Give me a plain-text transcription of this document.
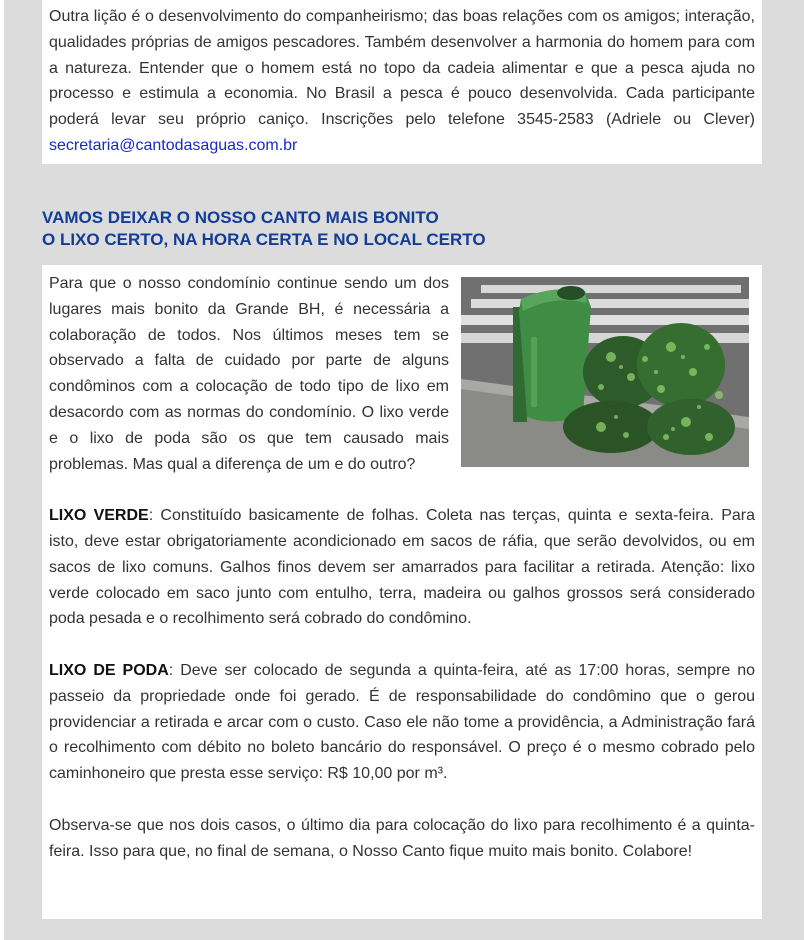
Outra lição é o desenvolvimento do companheirismo; das boas relações com os amigos; interação, qualidades próprias de amigos pescadores. Também desenvolver a harmonia do homem para com a natureza. Entender que o homem está no topo da cadeia alimentar e que a pesca ajuda no processo e estimula a economia. No Brasil a pesca é pouco desenvolvida. Cada participante poderá levar seu próprio caniço. Inscrições pelo telefone 3545-2583 (Adriele ou Clever) secretaria@cantodasaguas.com.br

VAMOS DEIXAR O NOSSO CANTO MAIS BONITO
O LIXO CERTO, NA HORA CERTA E NO LOCAL CERTO

Para que o nosso condomínio continue sendo um dos lugares mais bonito da Grande BH, é necessária a colaboração de todos. Nos últimos meses tem se observado a falta de cuidado por parte de alguns condôminos com a colocação de todo tipo de lixo em desacordo com as normas do condomínio. O lixo verde e o lixo de poda são os que tem causado mais problemas. Mas qual a diferença de um e do outro?

LIXO VERDE: Constituído basicamente de folhas. Coleta nas terças, quinta e sexta-feira. Para isto, deve estar obrigatoriamente acondicionado em sacos de ráfia, que serão devolvidos, ou em sacos de lixo comuns. Galhos finos devem ser amarrados para facilitar a retirada. Atenção: lixo verde colocado em saco junto com entulho, terra, madeira ou galhos grossos será considerado poda pesada e o recolhimento será cobrado do condômino.

LIXO DE PODA: Deve ser colocado de segunda a quinta-feira, até as 17:00 horas, sempre no passeio da propriedade onde foi gerado. É de responsabilidade do condômino que o gerou providenciar a retirada e arcar com o custo. Caso ele não tome a providência, a Administração fará o recolhimento com débito no boleto bancário do responsável. O preço é o mesmo cobrado pelo caminhoneiro que presta esse serviço: R$ 10,00 por m³.

Observa-se que nos dois casos, o último dia para colocação do lixo para recolhimento é a quinta-feira. Isso para que, no final de semana, o Nosso Canto fique muito mais bonito. Colabore!
